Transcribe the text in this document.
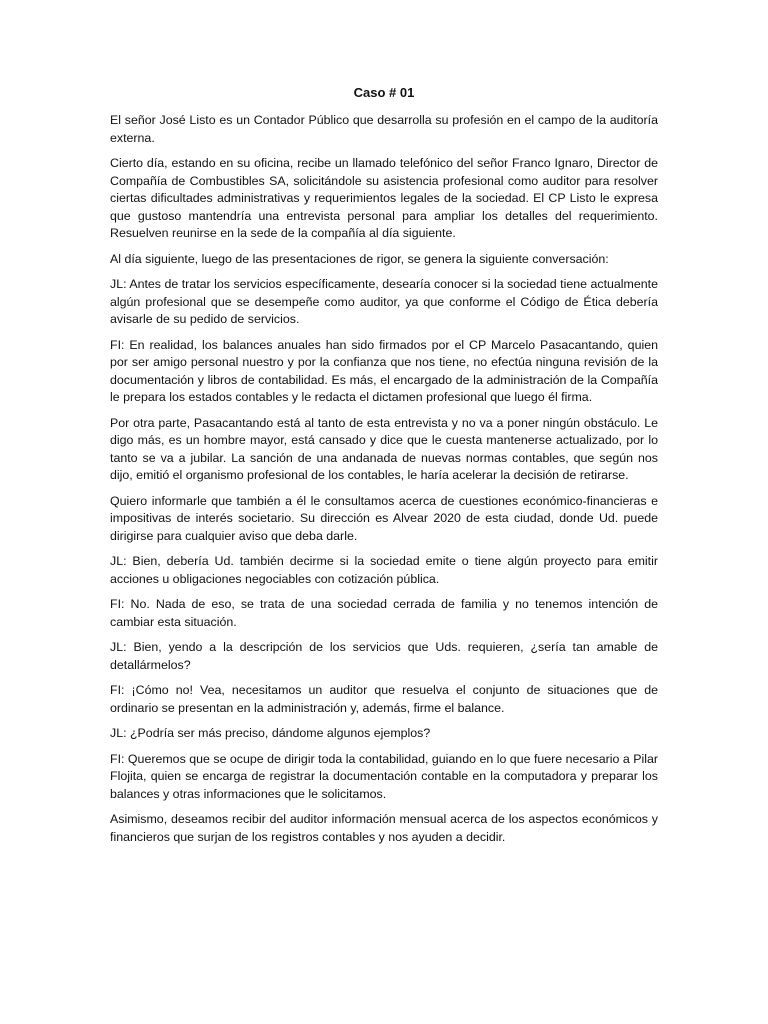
Caso # 01

El señor José Listo es un Contador Público que desarrolla su profesión en el campo de la auditoría externa.

Cierto día, estando en su oficina, recibe un llamado telefónico del señor Franco Ignaro, Director de Compañía de Combustibles SA, solicitándole su asistencia profesional como auditor para resolver ciertas dificultades administrativas y requerimientos legales de la sociedad. El CP Listo le expresa que gustoso mantendría una entrevista personal para ampliar los detalles del requerimiento. Resuelven reunirse en la sede de la compañía al día siguiente.

Al día siguiente, luego de las presentaciones de rigor, se genera la siguiente conversación:

JL: Antes de tratar los servicios específicamente, desearía conocer si la sociedad tiene actualmente algún profesional que se desempeñe como auditor, ya que conforme el Código de Ética debería avisarle de su pedido de servicios.

FI: En realidad, los balances anuales han sido firmados por el CP Marcelo Pasacantando, quien por ser amigo personal nuestro y por la confianza que nos tiene, no efectúa ninguna revisión de la documentación y libros de contabilidad. Es más, el encargado de la administración de la Compañía le prepara los estados contables y le redacta el dictamen profesional que luego él firma.

Por otra parte, Pasacantando está al tanto de esta entrevista y no va a poner ningún obstáculo. Le digo más, es un hombre mayor, está cansado y dice que le cuesta mantenerse actualizado, por lo tanto se va a jubilar. La sanción de una andanada de nuevas normas contables, que según nos dijo, emitió el organismo profesional de los contables, le haría acelerar la decisión de retirarse.

Quiero informarle que también a él le consultamos acerca de cuestiones económico-financieras e impositivas de interés societario. Su dirección es Alvear 2020 de esta ciudad, donde Ud. puede dirigirse para cualquier aviso que deba darle.

JL: Bien, debería Ud. también decirme si la sociedad emite o tiene algún proyecto para emitir acciones u obligaciones negociables con cotización pública.

FI: No. Nada de eso, se trata de una sociedad cerrada de familia y no tenemos intención de cambiar esta situación.

JL: Bien, yendo a la descripción de los servicios que Uds. requieren, ¿sería tan amable de detallármelos?

FI: ¡Cómo no! Vea, necesitamos un auditor que resuelva el conjunto de situaciones que de ordinario se presentan en la administración y, además, firme el balance.

JL: ¿Podría ser más preciso, dándome algunos ejemplos?

FI: Queremos que se ocupe de dirigir toda la contabilidad, guiando en lo que fuere necesario a Pilar Flojita, quien se encarga de registrar la documentación contable en la computadora y preparar los balances y otras informaciones que le solicitamos.

Asimismo, deseamos recibir del auditor información mensual acerca de los aspectos económicos y financieros que surjan de los registros contables y nos ayuden a decidir.
